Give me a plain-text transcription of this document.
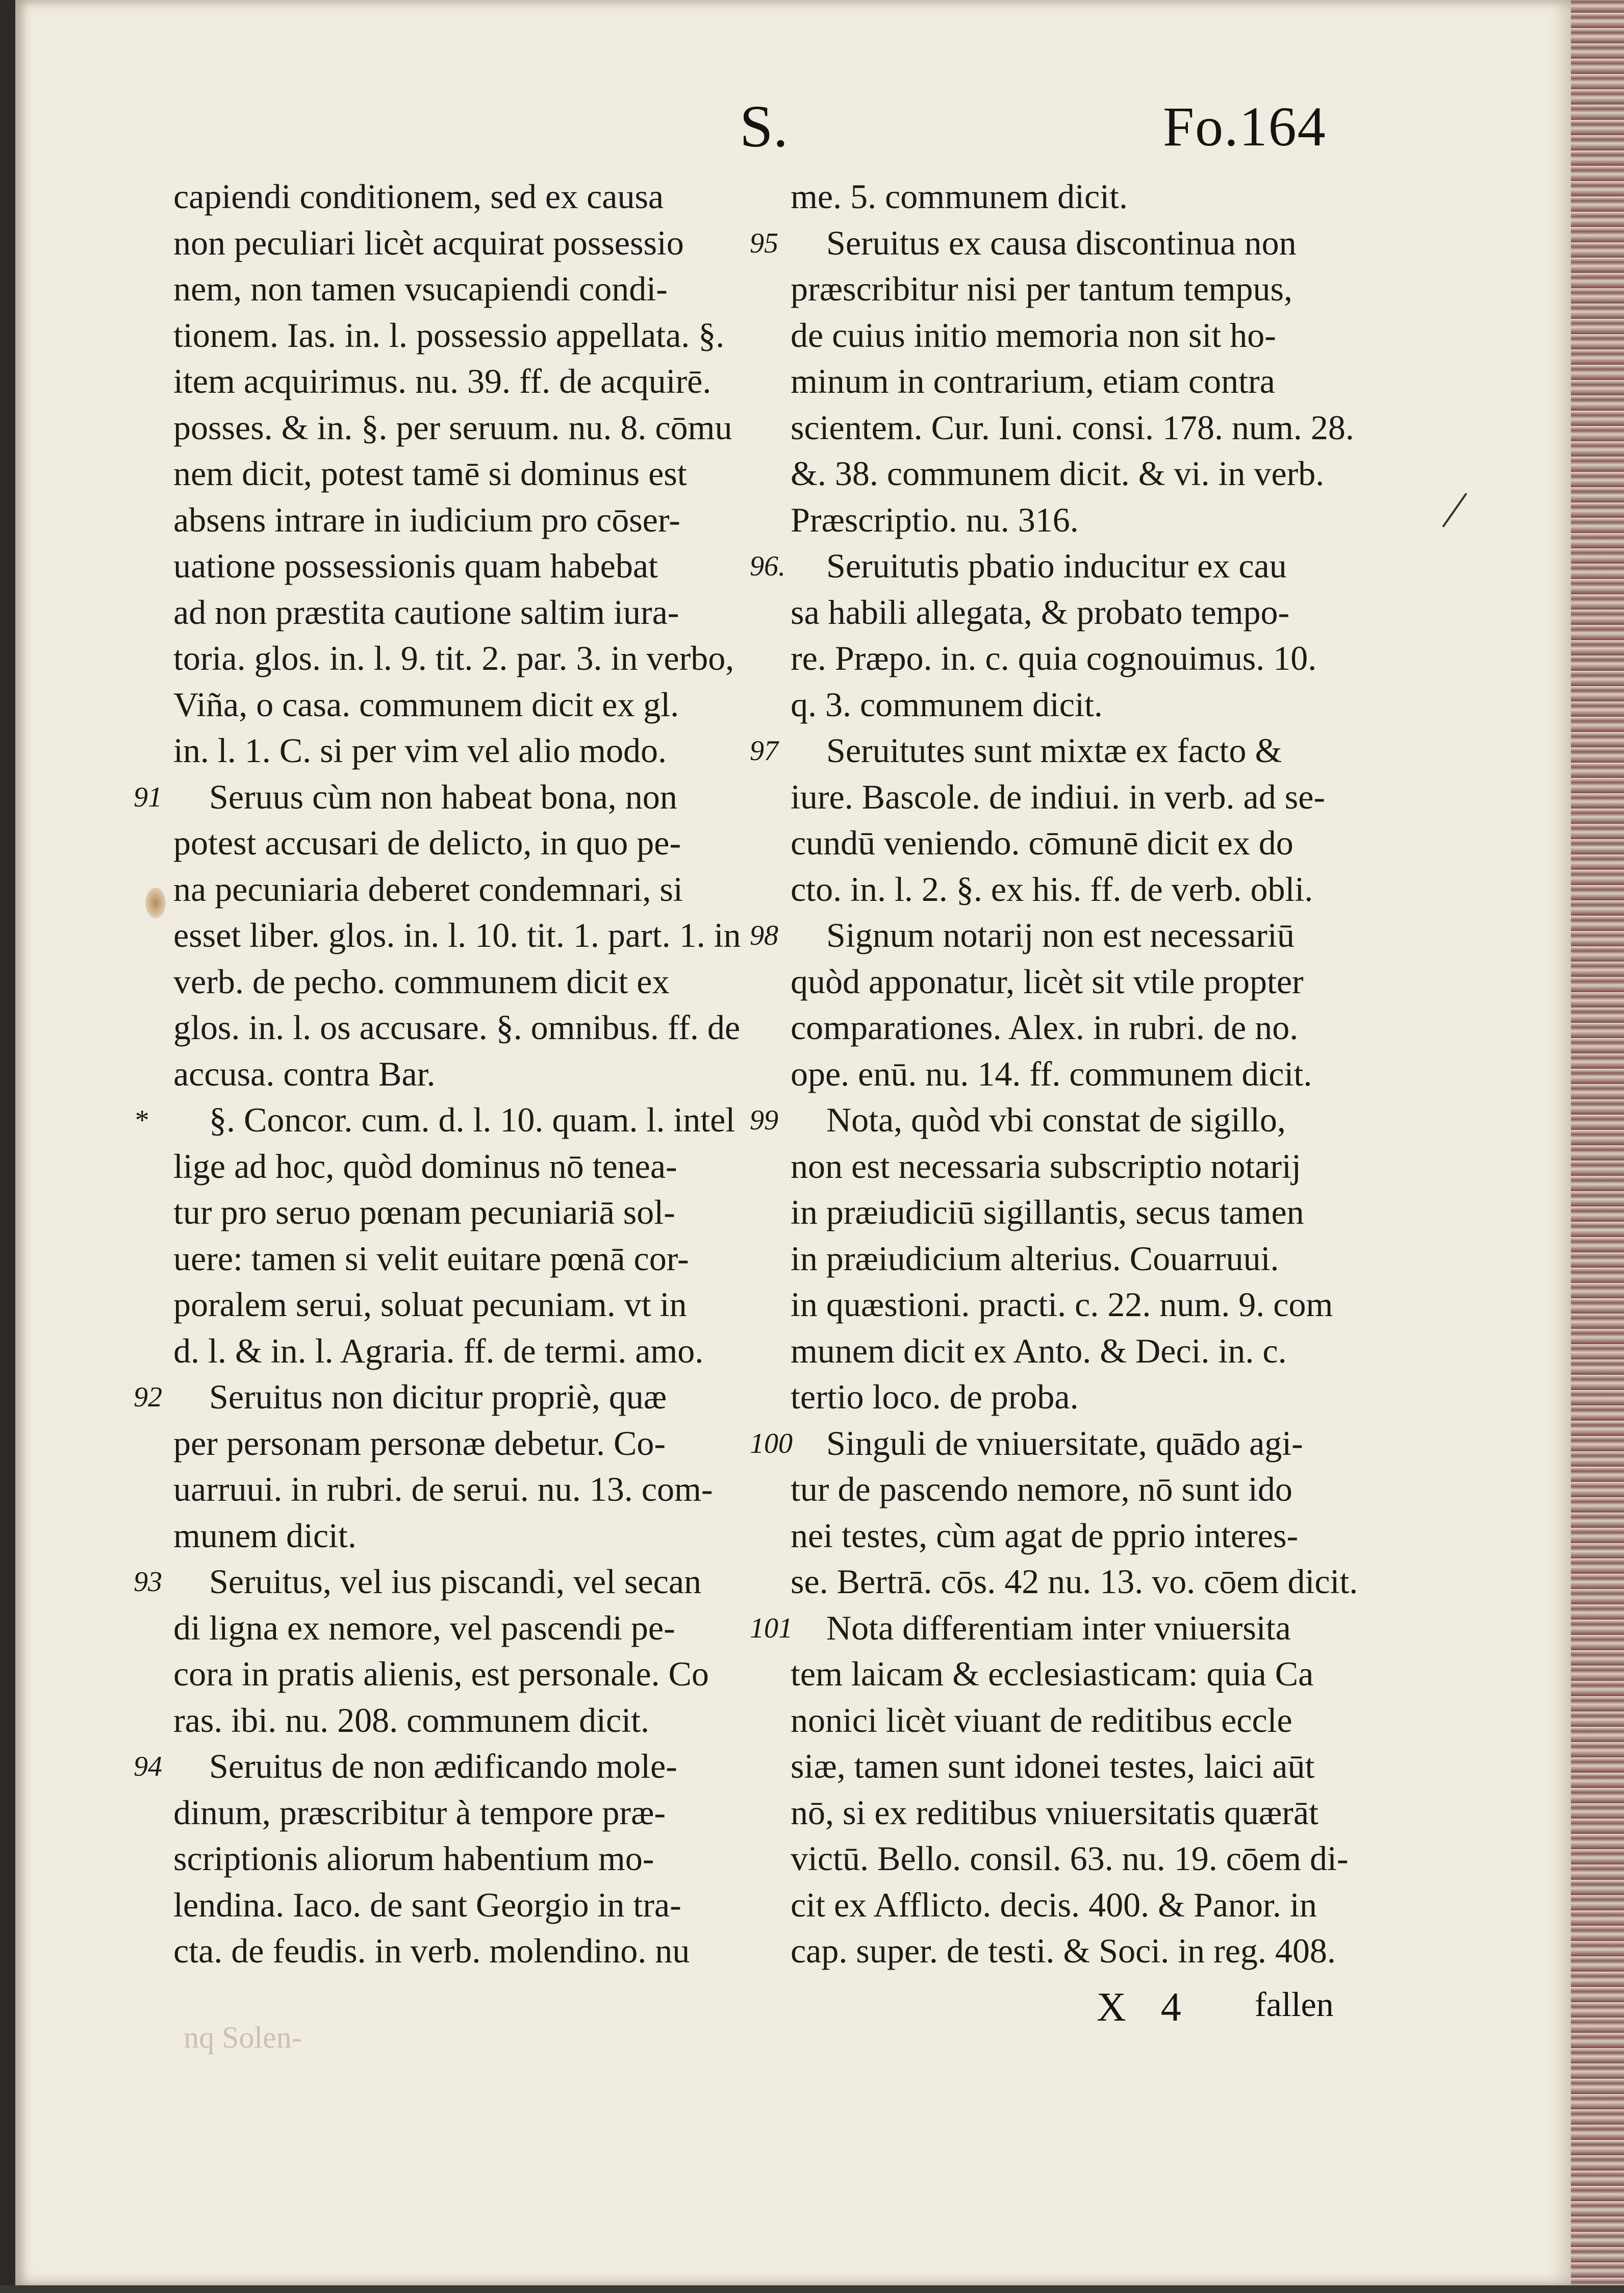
S.	Fo.164
capiendi conditionem, sed ex causa
non peculiari licèt acquirat possessio
nem, non tamen vsucapiendi condi-
tionem. Ias. in. l. possessio appellata. §.
item acquirimus. nu. 39. ff. de acquirē.
posses. & in. §. per seruum. nu. 8. cōmu
nem dicit, potest tamē si dominus est
absens intrare in iudicium pro cōser-
uatione possessionis quam habebat
ad non præstita cautione saltim iura-
toria. glos. in. l. 9. tit. 2. par. 3. in verbo,
Viña, o casa. communem dicit ex gl.
in. l. 1. C. si per vim vel alio modo.
Seruus cùm non habeat bona, non
potest accusari de delicto, in quo pe-
na pecuniaria deberet condemnari, si
esset liber. glos. in. l. 10. tit. 1. part. 1. in
verb. de pecho. communem dicit ex
glos. in. l. os accusare. §. omnibus. ff. de
accusa. contra Bar.
§. Concor. cum. d. l. 10. quam. l. intel
lige ad hoc, quòd dominus nō tenea-
tur pro seruo pœnam pecuniariā sol-
uere: tamen si velit euitare pœnā cor-
poralem serui, soluat pecuniam. vt in
d. l. & in. l. Agraria. ff. de termi. amo.
Seruitus non dicitur propriè, quæ
per personam personæ debetur. Co-
uarruui. in rubri. de serui. nu. 13. com-
munem dicit.
Seruitus, vel ius piscandi, vel secan
di ligna ex nemore, vel pascendi pe-
cora in pratis alienis, est personale. Co
ras. ibi. nu. 208. communem dicit.
Seruitus de non ædificando mole-
dinum, præscribitur à tempore præ-
scriptionis aliorum habentium mo-
lendina. Iaco. de sant Georgio in tra-
cta. de feudis. in verb. molendino. nu
me. 5. communem dicit.
Seruitus ex causa discontinua non
præscribitur nisi per tantum tempus,
de cuius initio memoria non sit ho-
minum in contrarium, etiam contra
scientem. Cur. Iuni. consi. 178. num. 28.
&. 38. communem dicit. & vi. in verb.
Præscriptio. nu. 316.
Seruitutis pbatio inducitur ex cau
sa habili allegata, & probato tempo-
re. Præpo. in. c. quia cognouimus. 10.
q. 3. communem dicit.
Seruitutes sunt mixtæ ex facto &
iure. Bascole. de indiui. in verb. ad se-
cundū veniendo. cōmunē dicit ex do
cto. in. l. 2. §. ex his. ff. de verb. obli.
Signum notarij non est necessariū
quòd apponatur, licèt sit vtile propter
comparationes. Alex. in rubri. de no.
ope. enū. nu. 14. ff. communem dicit.
Nota, quòd vbi constat de sigillo,
non est necessaria subscriptio notarij
in præiudiciū sigillantis, secus tamen
in præiudicium alterius. Couarruui.
in quæstioni. practi. c. 22. num. 9. com
munem dicit ex Anto. & Deci. in. c.
tertio loco. de proba.
Singuli de vniuersitate, quādo agi-
tur de pascendo nemore, nō sunt ido
nei testes, cùm agat de pprio interes-
se. Bertrā. cōs. 42 nu. 13. vo. cōem dicit.
Nota differentiam inter vniuersita
tem laicam & ecclesiasticam: quia Ca
nonici licèt viuant de reditibus eccle
siæ, tamen sunt idonei testes, laici aūt
nō, si ex reditibus vniuersitatis quærāt
victū. Bello. consil. 63. nu. 19. cōem di-
cit ex Afflicto. decis. 400. & Panor. in
cap. super. de testi. & Soci. in reg. 408.
91
*
92
93
94
95
96.
97
98
99
100
101
X 4 fallen
nq Solen-
